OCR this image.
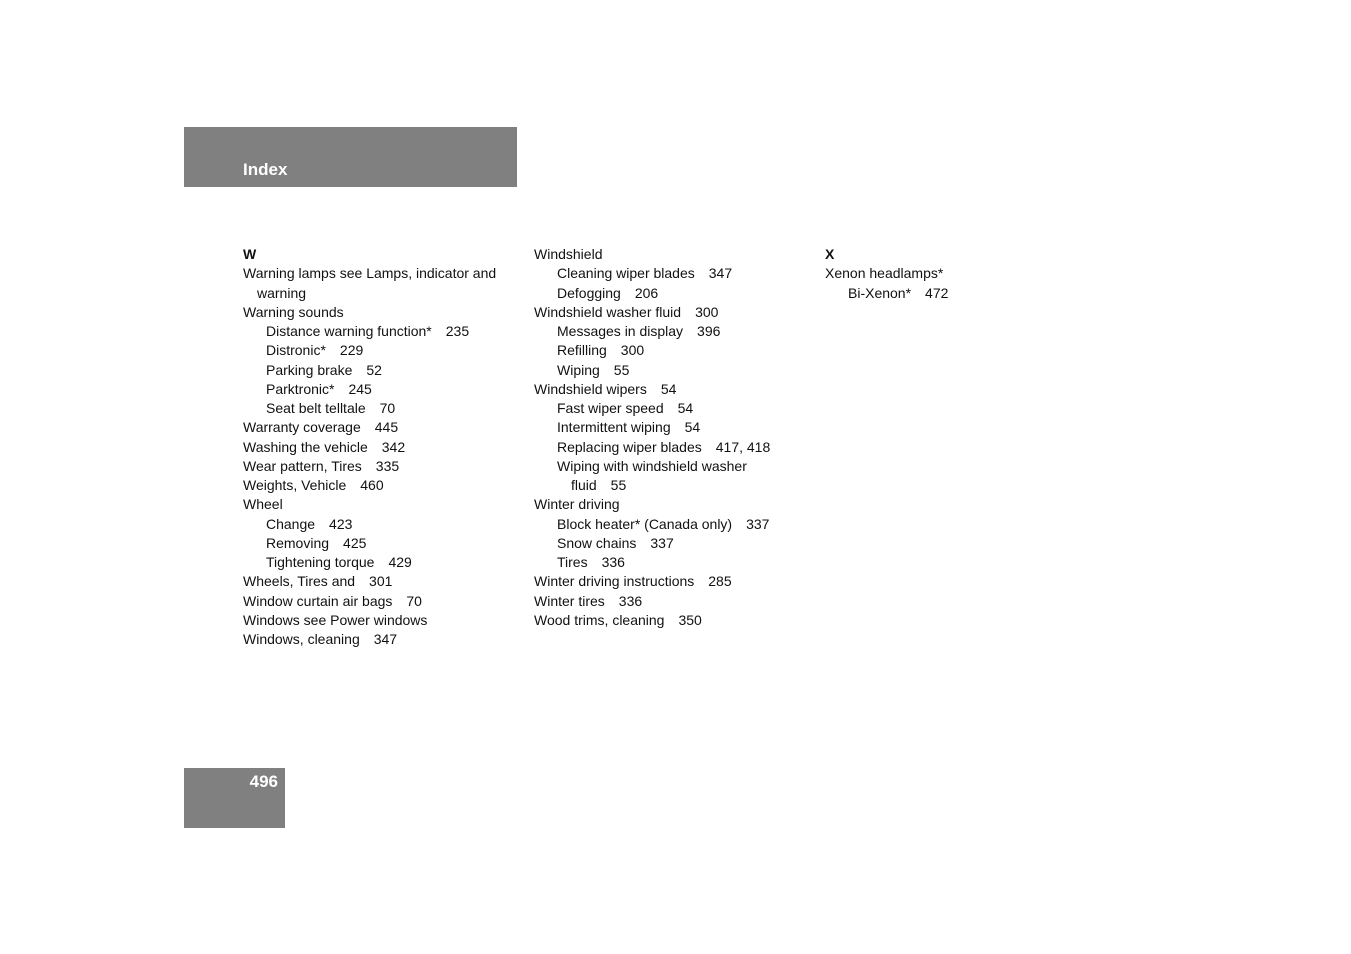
Index
W
Warning lamps see Lamps, indicator and
warning
Warning sounds
Distance warning function* 235
Distronic* 229
Parking brake 52
Parktronic* 245
Seat belt telltale 70
Warranty coverage 445
Washing the vehicle 342
Wear pattern, Tires 335
Weights, Vehicle 460
Wheel
Change 423
Removing 425
Tightening torque 429
Wheels, Tires and 301
Window curtain air bags 70
Windows see Power windows
Windows, cleaning 347
Windshield
Cleaning wiper blades 347
Defogging 206
Windshield washer fluid 300
Messages in display 396
Refilling 300
Wiping 55
Windshield wipers 54
Fast wiper speed 54
Intermittent wiping 54
Replacing wiper blades 417, 418
Wiping with windshield washer
fluid 55
Winter driving
Block heater* (Canada only) 337
Snow chains 337
Tires 336
Winter driving instructions 285
Winter tires 336
Wood trims, cleaning 350
X
Xenon headlamps*
Bi-Xenon* 472
496
